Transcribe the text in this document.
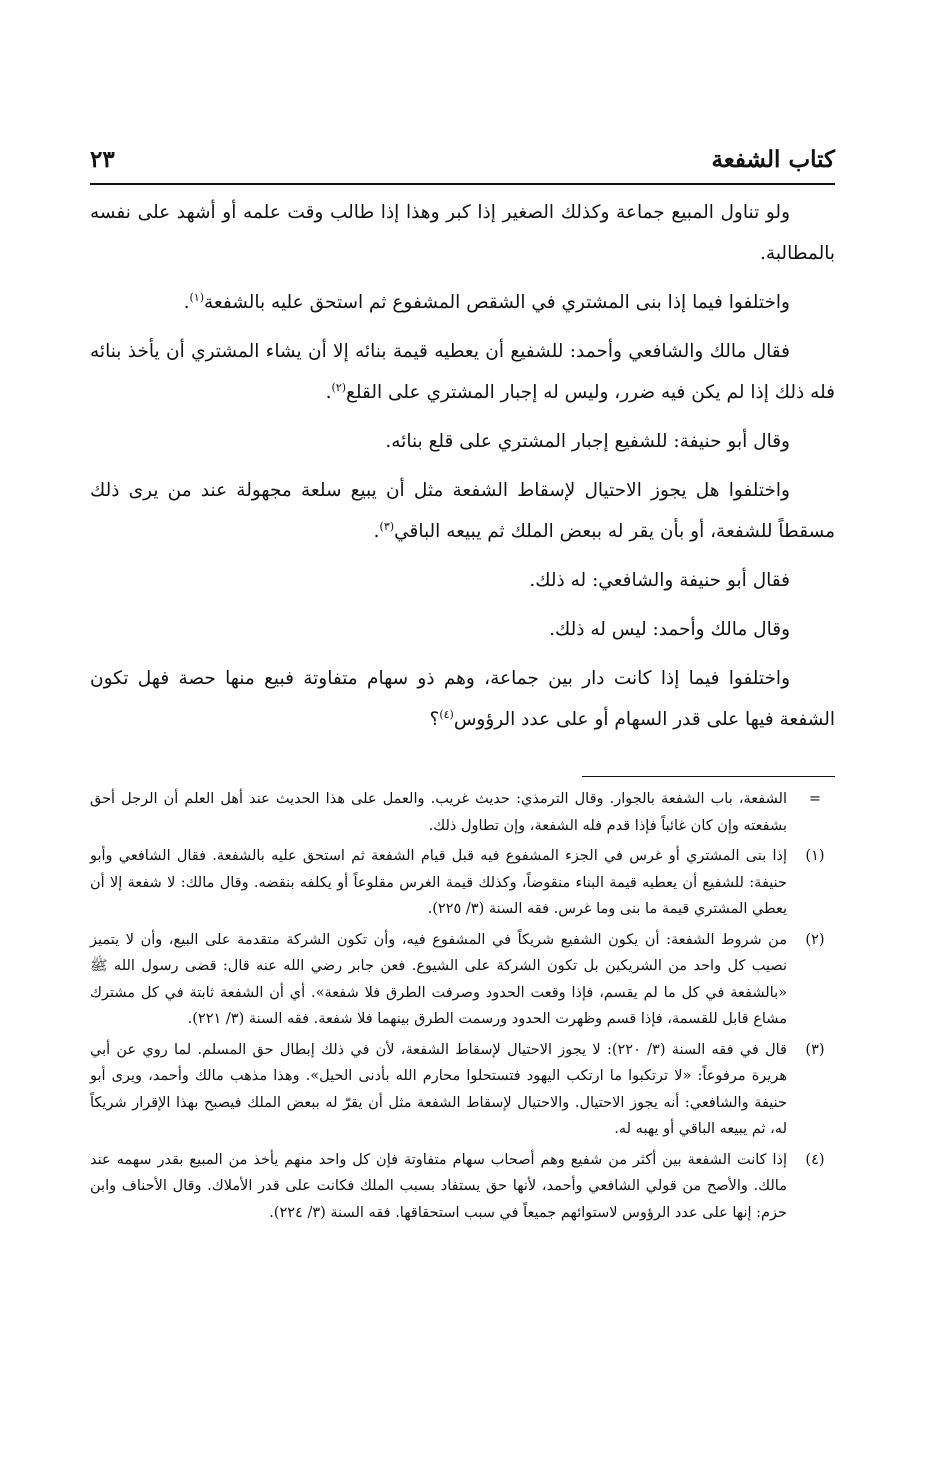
كتاب الشفعة
٢٣

ولو تناول المبيع جماعة وكذلك الصغير إذا كبر وهذا إذا طالب وقت علمه أو أشهد على نفسه بالمطالبة.

واختلفوا فيما إذا بنى المشتري في الشقص المشفوع ثم استحق عليه بالشفعة$^{(١)}$.

فقال مالك والشافعي وأحمد: للشفيع أن يعطيه قيمة بنائه إلا أن يشاء المشتري أن يأخذ بنائه فله ذلك إذا لم يكن فيه ضرر، وليس له إجبار المشتري على القلع$^{(٢)}$.

وقال أبو حنيفة: للشفيع إجبار المشتري على قلع بنائه.

واختلفوا هل يجوز الاحتيال لإسقاط الشفعة مثل أن يبيع سلعة مجهولة عند من يرى ذلك مسقطاً للشفعة، أو بأن يقر له ببعض الملك ثم يبيعه الباقي$^{(٣)}$.

فقال أبو حنيفة والشافعي: له ذلك.

وقال مالك وأحمد: ليس له ذلك.

واختلفوا فيما إذا كانت دار بين جماعة، وهم ذو سهام متفاوتة فبيع منها حصة فهل تكون الشفعة فيها على قدر السهام أو على عدد الرؤوس$^{(٤)}$؟

=
الشفعة، باب الشفعة بالجوار. وقال الترمذي: حديث غريب. والعمل على هذا الحديث عند أهل العلم أن الرجل أحق بشفعته وإن كان غائباً فإذا قدم فله الشفعة، وإن تطاول ذلك.
(١)
إذا بنى المشتري أو غرس في الجزء المشفوع فيه قبل قيام الشفعة ثم استحق عليه بالشفعة. فقال الشافعي وأبو حنيفة: للشفيع أن يعطيه قيمة البناء منقوضاً، وكذلك قيمة الغرس مقلوعاً أو يكلفه بنقضه. وقال مالك: لا شفعة إلا أن يعطي المشتري قيمة ما بنى وما غرس. فقه السنة (٣/ ٢٢٥).
(٢)
من شروط الشفعة: أن يكون الشفيع شريكاً في المشفوع فيه، وأن تكون الشركة متقدمة على البيع، وأن لا يتميز نصيب كل واحد من الشريكين بل تكون الشركة على الشيوع. فعن جابر رضي الله عنه قال: قضى رسول الله ﷺ «بالشفعة في كل ما لم يقسم، فإذا وقعت الحدود وصرفت الطرق فلا شفعة». أي أن الشفعة ثابتة في كل مشترك مشاع قابل للقسمة، فإذا قسم وظهرت الحدود ورسمت الطرق بينهما فلا شفعة. فقه السنة (٣/ ٢٢١).
(٣)
قال في فقه السنة (٣/ ٢٢٠): لا يجوز الاحتيال لإسقاط الشفعة، لأن في ذلك إبطال حق المسلم. لما روي عن أبي هريرة مرفوعاً: «لا ترتكبوا ما ارتكب اليهود فتستحلوا محارم الله بأدنى الحيل». وهذا مذهب مالك وأحمد، ويرى أبو حنيفة والشافعي: أنه يجوز الاحتيال. والاحتيال لإسقاط الشفعة مثل أن يقرّ له ببعض الملك فيصبح بهذا الإقرار شريكاً له، ثم يبيعه الباقي أو يهبه له.
(٤)
إذا كانت الشفعة بين أكثر من شفيع وهم أصحاب سهام متفاوتة فإن كل واحد منهم يأخذ من المبيع بقدر سهمه عند مالك. والأصح من قولي الشافعي وأحمد، لأنها حق يستفاد بسبب الملك فكانت على قدر الأملاك. وقال الأحناف وابن حزم: إنها على عدد الرؤوس لاستوائهم جميعاً في سبب استحقاقها. فقه السنة (٣/ ٢٢٤).
